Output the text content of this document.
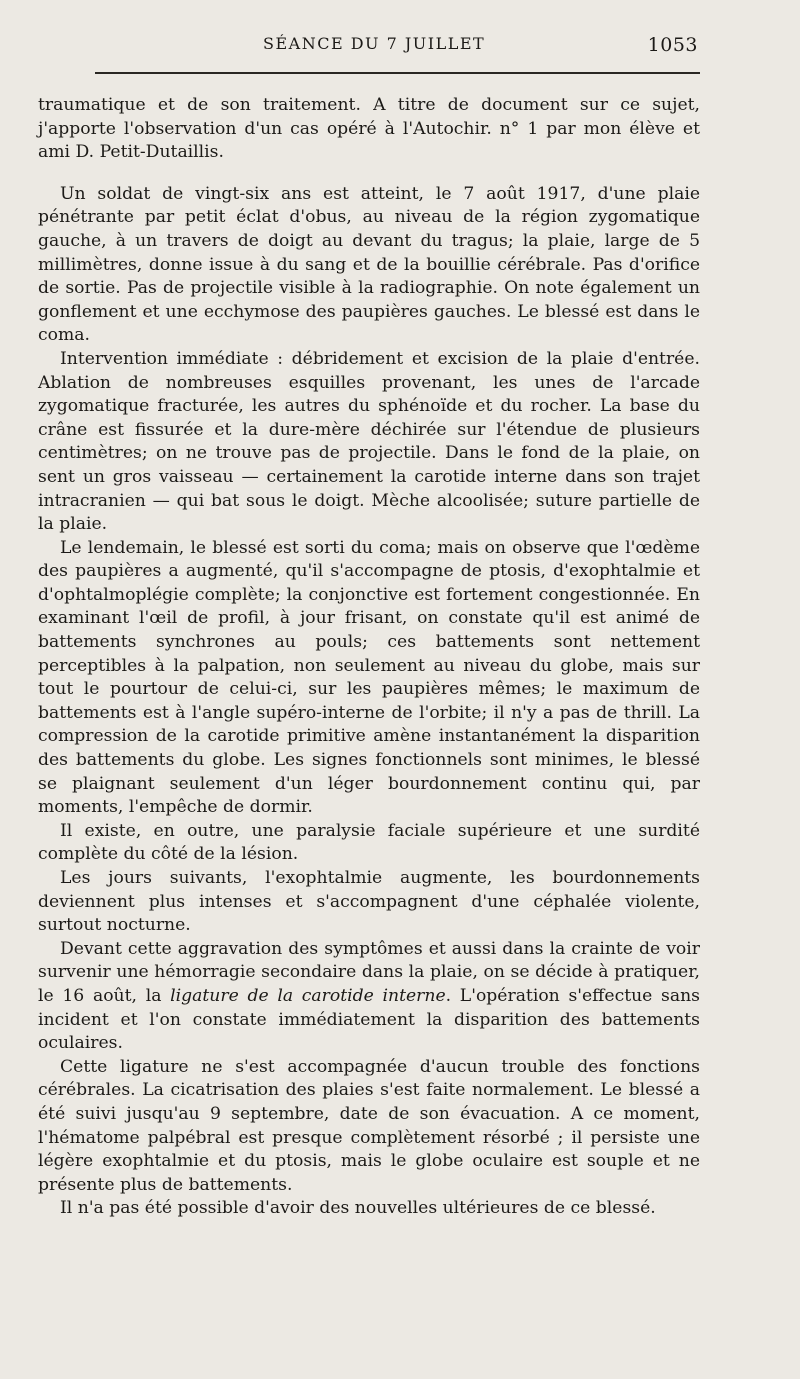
SÉANCE DU 7 JUILLET	1053

traumatique et de son traitement. A titre de document sur ce sujet, j'apporte l'observation d'un cas opéré à l'Autochir. n° 1 par mon élève et ami D. Petit-Dutaillis.

Un soldat de vingt-six ans est atteint, le 7 août 1917, d'une plaie pénétrante par petit éclat d'obus, au niveau de la région zygomatique gauche, à un travers de doigt au devant du tragus; la plaie, large de 5 millimètres, donne issue à du sang et de la bouillie cérébrale. Pas d'orifice de sortie. Pas de projectile visible à la radiographie. On note également un gonflement et une ecchymose des paupières gauches. Le blessé est dans le coma.

Intervention immédiate : débridement et excision de la plaie d'entrée. Ablation de nombreuses esquilles provenant, les unes de l'arcade zygomatique fracturée, les autres du sphénoïde et du rocher. La base du crâne est fissurée et la dure-mère déchirée sur l'étendue de plusieurs centimètres; on ne trouve pas de projectile. Dans le fond de la plaie, on sent un gros vaisseau — certainement la carotide interne dans son trajet intracranien — qui bat sous le doigt. Mèche alcoolisée; suture partielle de la plaie.

Le lendemain, le blessé est sorti du coma; mais on observe que l'œdème des paupières a augmenté, qu'il s'accompagne de ptosis, d'exophtalmie et d'ophtalmoplégie complète; la conjonctive est fortement congestionnée. En examinant l'œil de profil, à jour frisant, on constate qu'il est animé de battements synchrones au pouls; ces battements sont nettement perceptibles à la palpation, non seulement au niveau du globe, mais sur tout le pourtour de celui-ci, sur les paupières mêmes; le maximum de battements est à l'angle supéro-interne de l'orbite; il n'y a pas de thrill. La compression de la carotide primitive amène instantanément la disparition des battements du globe. Les signes fonctionnels sont minimes, le blessé se plaignant seulement d'un léger bourdonnement continu qui, par moments, l'empêche de dormir.

Il existe, en outre, une paralysie faciale supérieure et une surdité complète du côté de la lésion.

Les jours suivants, l'exophtalmie augmente, les bourdonnements deviennent plus intenses et s'accompagnent d'une céphalée violente, surtout nocturne.

Devant cette aggravation des symptômes et aussi dans la crainte de voir survenir une hémorragie secondaire dans la plaie, on se décide à pratiquer, le 16 août, la ligature de la carotide interne. L'opération s'effectue sans incident et l'on constate immédiatement la disparition des battements oculaires.

Cette ligature ne s'est accompagnée d'aucun trouble des fonctions cérébrales. La cicatrisation des plaies s'est faite normalement. Le blessé a été suivi jusqu'au 9 septembre, date de son évacuation. A ce moment, l'hématome palpébral est presque complètement résorbé ; il persiste une légère exophtalmie et du ptosis, mais le globe oculaire est souple et ne présente plus de battements.

Il n'a pas été possible d'avoir des nouvelles ultérieures de ce blessé.
